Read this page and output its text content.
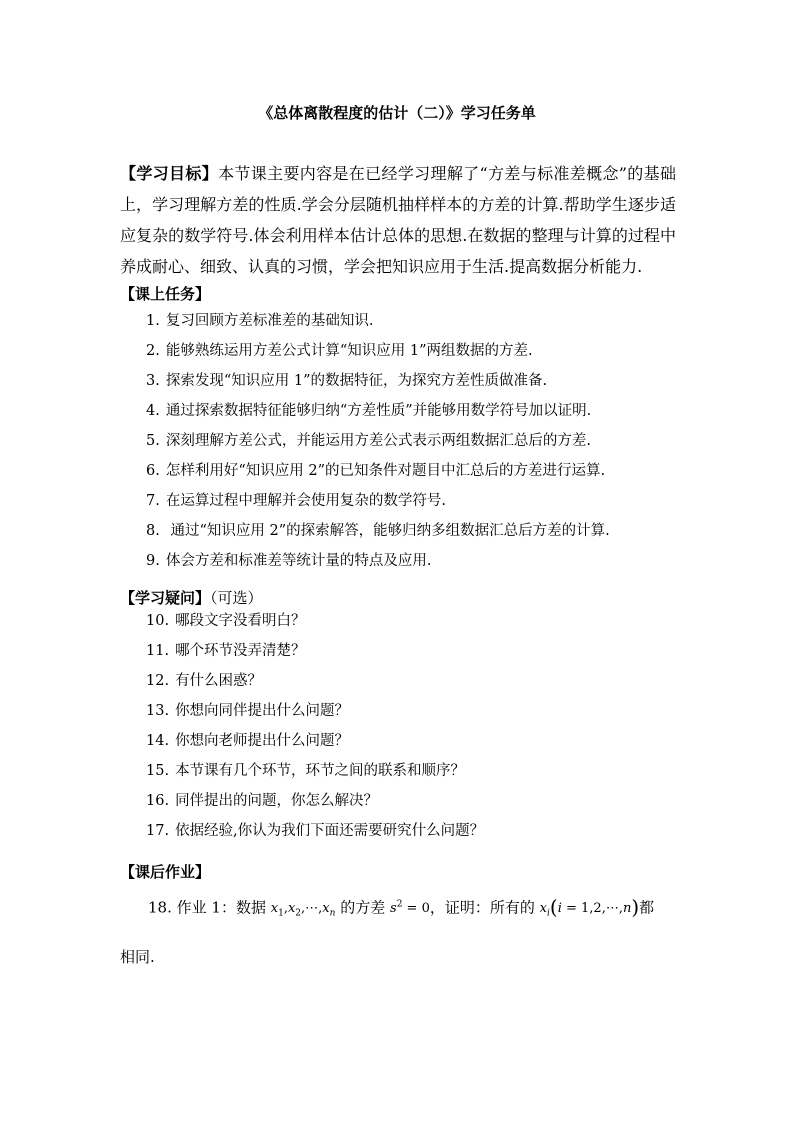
《总体离散程度的估计（二）》学习任务单

【学习目标】本节课主要内容是在已经学习理解了“方差与标准差概念”的基础上，学习理解方差的性质.学会分层随机抽样样本的方差的计算.帮助学生逐步适应复杂的数学符号.体会利用样本估计总体的思想.在数据的整理与计算的过程中养成耐心、细致、认真的习惯，学会把知识应用于生活.提高数据分析能力.

【课上任务】
1. 复习回顾方差标准差的基础知识.
2. 能够熟练运用方差公式计算“知识应用 1”两组数据的方差.
3. 探索发现“知识应用 1”的数据特征，为探究方差性质做准备.
4. 通过探索数据特征能够归纳“方差性质”并能够用数学符号加以证明.
5. 深刻理解方差公式，并能运用方差公式表示两组数据汇总后的方差.
6. 怎样利用好“知识应用 2”的已知条件对题目中汇总后的方差进行运算.
7. 在运算过程中理解并会使用复杂的数学符号.
8. 通过“知识应用 2”的探索解答，能够归纳多组数据汇总后方差的计算.
9. 体会方差和标准差等统计量的特点及应用.
【学习疑问】（可选）
10. 哪段文字没看明白？
11. 哪个环节没弄清楚？
12. 有什么困惑？
13. 你想向同伴提出什么问题？
14. 你想向老师提出什么问题？
15. 本节课有几个环节，环节之间的联系和顺序？
16. 同伴提出的问题，你怎么解决？
17. 依据经验,你认为我们下面还需要研究什么问题？
【课后作业】
18. 作业 1：数据 $x_1,x_2,\cdots,x_n$ 的方差 $s^2 = 0$，证明：所有的 $x_i(i$ = 1,2,⋯,n)都
相同.
